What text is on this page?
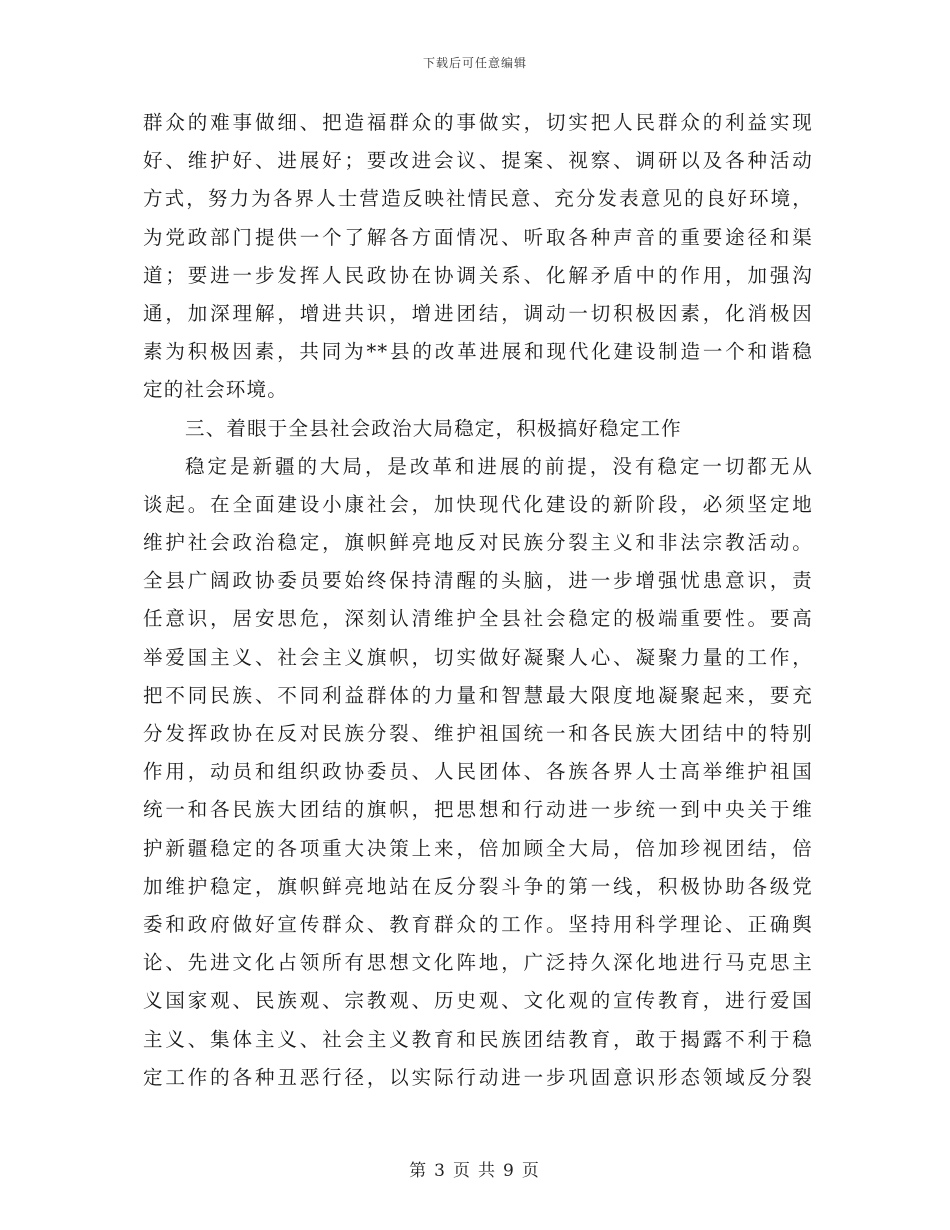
下载后可任意编辑
群众的难事做细、把造福群众的事做实，切实把人民群众的利益实现
好、维护好、进展好；要改进会议、提案、视察、调研以及各种活动
方式，努力为各界人士营造反映社情民意、充分发表意见的良好环境，
为党政部门提供一个了解各方面情况、听取各种声音的重要途径和渠
道；要进一步发挥人民政协在协调关系、化解矛盾中的作用，加强沟
通，加深理解，增进共识，增进团结，调动一切积极因素，化消极因
素为积极因素，共同为**县的改革进展和现代化建设制造一个和谐稳
定的社会环境。
三、着眼于全县社会政治大局稳定，积极搞好稳定工作
稳定是新疆的大局，是改革和进展的前提，没有稳定一切都无从
谈起。在全面建设小康社会，加快现代化建设的新阶段，必须坚定地
维护社会政治稳定，旗帜鲜亮地反对民族分裂主义和非法宗教活动。
全县广阔政协委员要始终保持清醒的头脑，进一步增强忧患意识，责
任意识，居安思危，深刻认清维护全县社会稳定的极端重要性。要高
举爱国主义、社会主义旗帜，切实做好凝聚人心、凝聚力量的工作，
把不同民族、不同利益群体的力量和智慧最大限度地凝聚起来，要充
分发挥政协在反对民族分裂、维护祖国统一和各民族大团结中的特别
作用，动员和组织政协委员、人民团体、各族各界人士高举维护祖国
统一和各民族大团结的旗帜，把思想和行动进一步统一到中央关于维
护新疆稳定的各项重大决策上来，倍加顾全大局，倍加珍视团结，倍
加维护稳定，旗帜鲜亮地站在反分裂斗争的第一线，积极协助各级党
委和政府做好宣传群众、教育群众的工作。坚持用科学理论、正确舆
论、先进文化占领所有思想文化阵地，广泛持久深化地进行马克思主
义国家观、民族观、宗教观、历史观、文化观的宣传教育，进行爱国
主义、集体主义、社会主义教育和民族团结教育，敢于揭露不利于稳
定工作的各种丑恶行径，以实际行动进一步巩固意识形态领域反分裂
第 3 页 共 9 页
